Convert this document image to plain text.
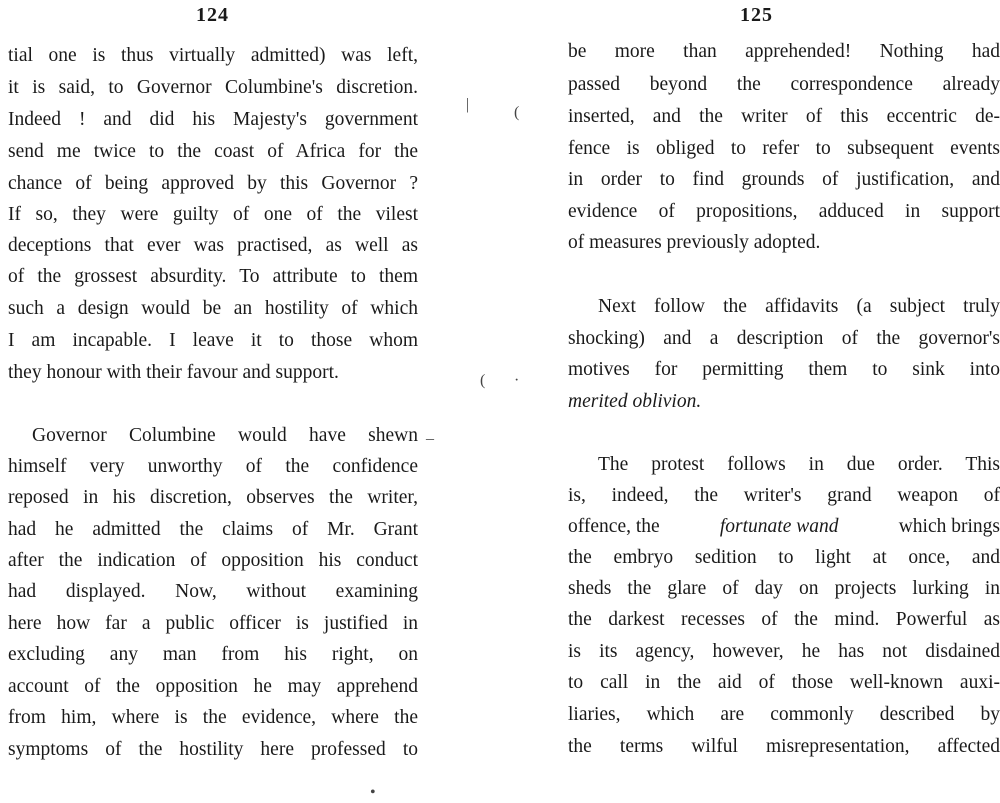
124
tial one is thus virtually admitted) was left,
it is said, to Governor Columbine's discretion.
Indeed ! and did his Majesty's government
send me twice to the coast of Africa for the
chance of being approved by this Governor ?
If so, they were guilty of one of the vilest
deceptions that ever was practised, as well as
of the grossest absurdity. To attribute to them
such a design would be an hostility of which
I am incapable. I leave it to those whom
they honour with their favour and support.
Governor Columbine would have shewn
himself very unworthy of the confidence
reposed in his discretion, observes the writer,
had he admitted the claims of Mr. Grant
after the indication of opposition his conduct
had displayed. Now, without examining
here how far a public officer is justified in
excluding any man from his right, on
account of the opposition he may apprehend
from him, where is the evidence, where the
symptoms of the hostility here professed to
125
be more than apprehended! Nothing had
passed beyond the correspondence already
inserted, and the writer of this eccentric de-
fence is obliged to refer to subsequent events
in order to find grounds of justification, and
evidence of propositions, adduced in support
of measures previously adopted.
Next follow the affidavits (a subject truly
shocking) and a description of the governor's
motives for permitting them to sink into
merited oblivion.
The protest follows in due order. This
is, indeed, the writer's grand weapon of
offence, the	fortunate wand	which brings
the embryo sedition to light at once, and
sheds the glare of day on projects lurking in
the darkest recesses of the mind. Powerful as
is its agency, however, he has not disdained
to call in the aid of those well-known auxi-
liaries, which are commonly described by
the terms wilful misrepresentation, affected
|	(
( ·
_
•
